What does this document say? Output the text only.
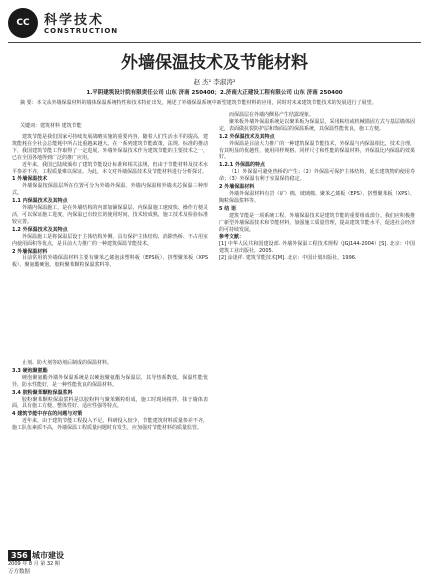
CC	科学技术
CONSTRUCTION
外墙保温技术及节能材料
赵 杰¹ 李淑涛²
1.平阴建筑设计院有限责任公司 山东 济南 250400；2.济南大正建设工程有限公司 山东 济南 250400
摘 要：本文从外墙保温材料的墙体保温系统特性和技术特征出发，阐述了外墙保温系统中新型建筑节能材料的应用，同时对未来建筑节能技术的发展进行了展望。
关键词：建筑材料 建筑节能

建筑节能是我们国家可持续发展战略实施的重要内容，随着人们生活水平的提高，建筑能耗在全社会总能耗中所占比重越来越大。在一系列建筑节能政策、法规、标准的推动下，我国建筑节能工作取得了一定进展，外墙外保温技术作为建筑节能的主要技术之一，已在全国各地得到广泛的推广应用。

近年来，我国已陆续颁布了建筑节能设计标准和相关法规，但由于节能材料及技术水平参差不齐，工程质量难以保证。为此，本文对外墙保温技术及节能材料进行分析探讨。

1 外墙保温技术

外墙保温按保温层所在位置可分为外墙外保温、外墙内保温和外墙夹芯保温三种形式。

1.1 内保温技术及其特点

外墙内保温施工，是在外墙结构的内部加铺保温层，内保温施工速度快、操作方便灵活，可以保证施工进度，内保温已有较长的使用时间，技术较成熟，施工技术及检验标准较完善。

1.2 外保温技术及其特点

外保温施工是将保温层设于主体结构外侧，具有保护主体结构、消除热桥、不占用室内使用面积等优点，是目前大力推广的一种建筑保温节能技术。

2 外墙保温材料

目前常用的外墙保温材料主要有聚苯乙烯泡沫塑料板（EPS板）、挤塑聚苯板（XPS板）、聚氨酯硬泡、胶粉聚苯颗粒保温浆料等。

止剂、防火剂等助剂后制成的保温材料。

3.3 硬泡聚氨酯

硬泡聚氨酯外墙外保温系统是以硬泡聚氨酯为保温层，其导热系数低，保温性能优异，防水性能好，是一种性能优良的保温材料。

3.4 胶粉聚苯颗粒保温浆料

胶粉聚苯颗粒保温浆料是以胶粉料与聚苯颗粒组成，施工时现场搅拌，抹于墙体表面，具有施工方便、整体性好、适应性强等特点。

4 建筑节能中存在的问题与对策

近年来，由于建筑节能工程投入不足、科研投入较少，节能建筑材料质量参差不齐，施工队伍素质不高，外墙保温工程质量问题时有发生，应加强对节能材料的质量监管。

而保温层在外墙内侧易产生结露现象。

聚苯板外墙外保温系统是以聚苯板为保温层，采用粘结或机械锚固方式与基层墙体固定，表面做抗裂防护层和饰面层的保温系统，其保温性能优良，施工方便。

1.2 外保温技术及其特点

外保温是目前大力推广的一种建筑保温节能技术，外保温与内保温相比，技术合理，有其明显的优越性，使用同样规格、同样尺寸和性能的保温材料，外保温比内保温的效果好。

1.2.1 外保温的特点

（1）外保温可避免热桥的产生；（2）外保温可保护主体结构，延长建筑物的使用寿命；（3）外保温有利于室温保持稳定。

2 外墙保温材料

外墙外保温材料有岩（矿）棉、玻璃棉、聚苯乙烯板（EPS）、挤塑聚苯板（XPS）、陶粒保温浆料等。

5 结 语

建筑节能是一项系统工程，外墙保温技术是建筑节能的重要组成部分。我们应积极推广新型外墙保温技术和节能材料，加强施工质量管理，提高建筑节能水平，促进社会经济的可持续发展。

参考文献：

[1] 中华人民共和国建设部. 外墙外保温工程技术规程（JGJ144-2004）[S]. 北京：中国建筑工业出版社，2005.

[2] 涂逢祥. 建筑节能技术[M]. 北京：中国计划出版社，1996.

356 城市建设
2009 年 8 月 第 32 期
万方数据
